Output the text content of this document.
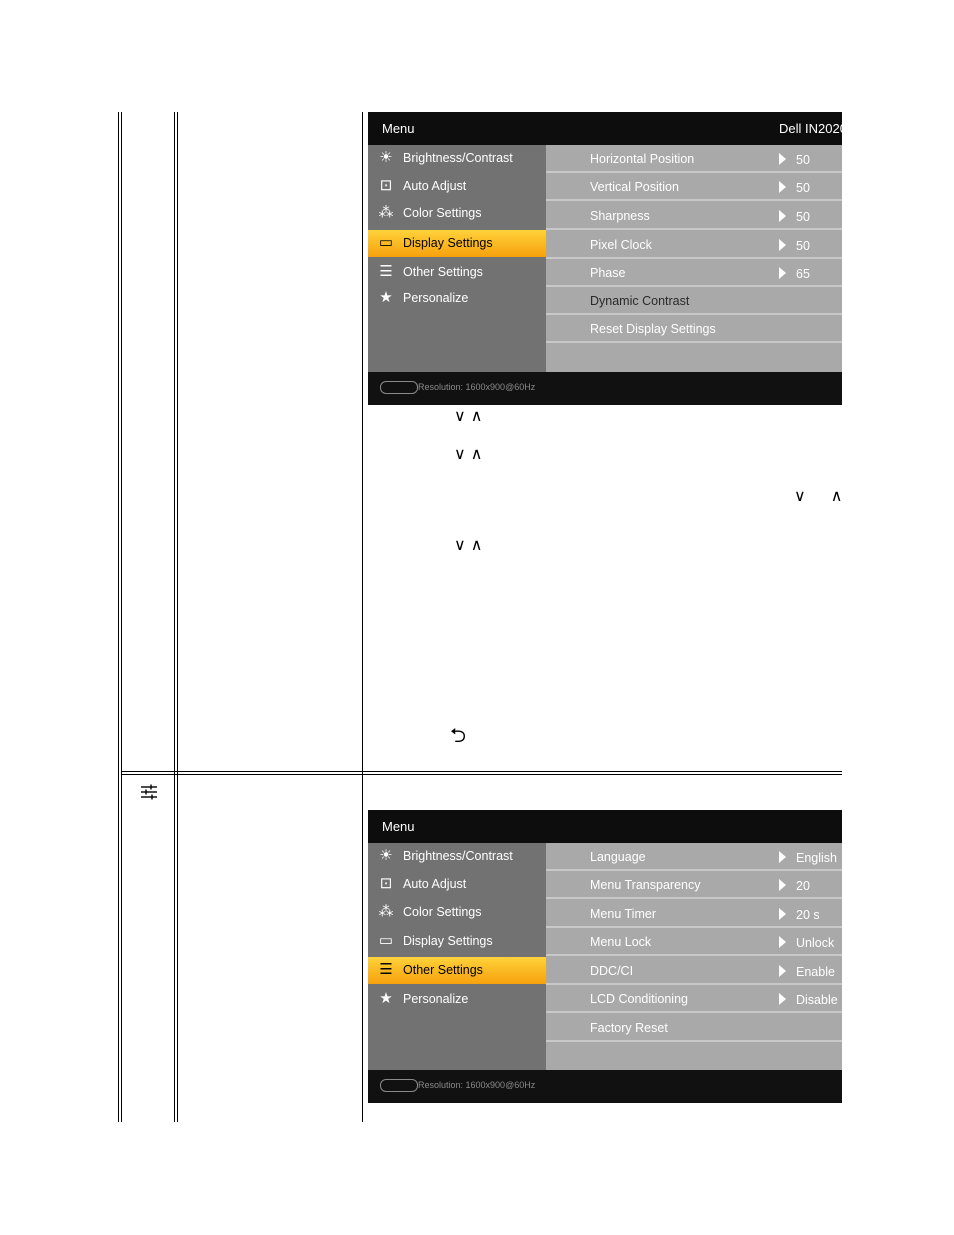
Menu	Dell IN2020
☀ Brightness/Contrast
⊡ Auto Adjust
⁂ Color Settings
▭ Display Settings
☰ Other Settings
★ Personalize
Horizontal Position	50
Vertical Position	50
Sharpness	50
Pixel Clock	50
Phase	65
Dynamic Contrast
Reset Display Settings
Resolution: 1600x900@60Hz
∨ ∧
∨ ∧
∨ ∧
∨ ∧
⮌
Menu
☀ Brightness/Contrast
⊡ Auto Adjust
⁂ Color Settings
▭ Display Settings
☰ Other Settings
★ Personalize
Language	English
Menu Transparency	20
Menu Timer	20 s
Menu Lock	Unlock
DDC/CI	Enable
LCD Conditioning	Disable
Factory Reset
Resolution: 1600x900@60Hz
